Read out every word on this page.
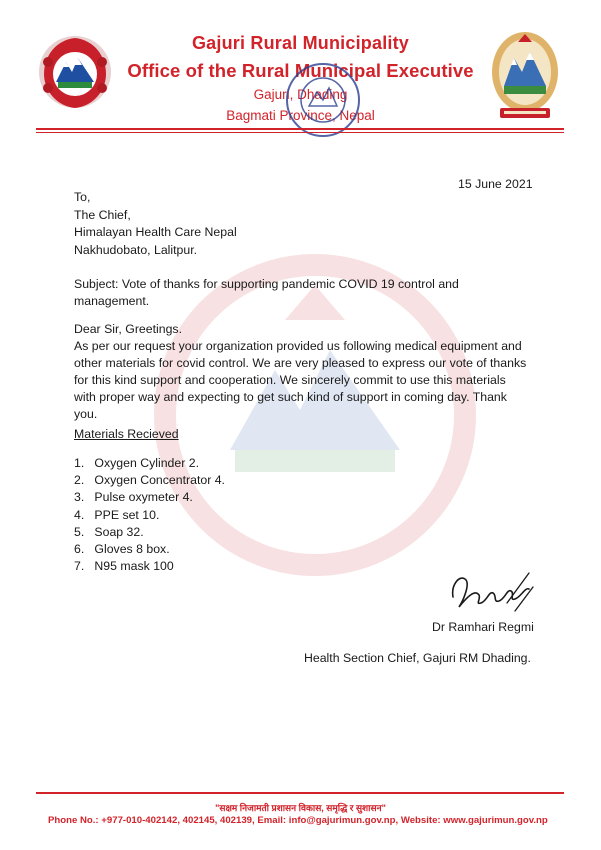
Gajuri Rural Municipality
Office of the Rural Municipal Executive
Gajuri, Dhading
Bagmati Province, Nepal
15 June 2021
To,
The Chief,
Himalayan Health Care Nepal
Nakhudobato, Lalitpur.
Subject: Vote of thanks for supporting pandemic COVID 19 control and
management.
Dear Sir, Greetings.
As per our request your organization provided us following medical equipment and
other materials for covid control. We are very pleased to express our vote of thanks
for this kind support and cooperation. We sincerely commit to use this materials
with proper way and expecting to get such kind of support in coming day. Thank
you.
Materials Recieved
1. Oxygen Cylinder 2.
2. Oxygen Concentrator 4.
3. Pulse oxymeter 4.
4. PPE set 10.
5. Soap 32.
6. Gloves 8 box.
7. N95 mask 100
Dr Ramhari Regmi
Health Section Chief, Gajuri RM Dhading.
"सक्षम निजामती प्रशासन विकास, समृद्धि र सुशासन"
Phone No.: +977-010-402142, 402145, 402139, Email: info@gajurimun.gov.np, Website: www.gajurimun.gov.np
